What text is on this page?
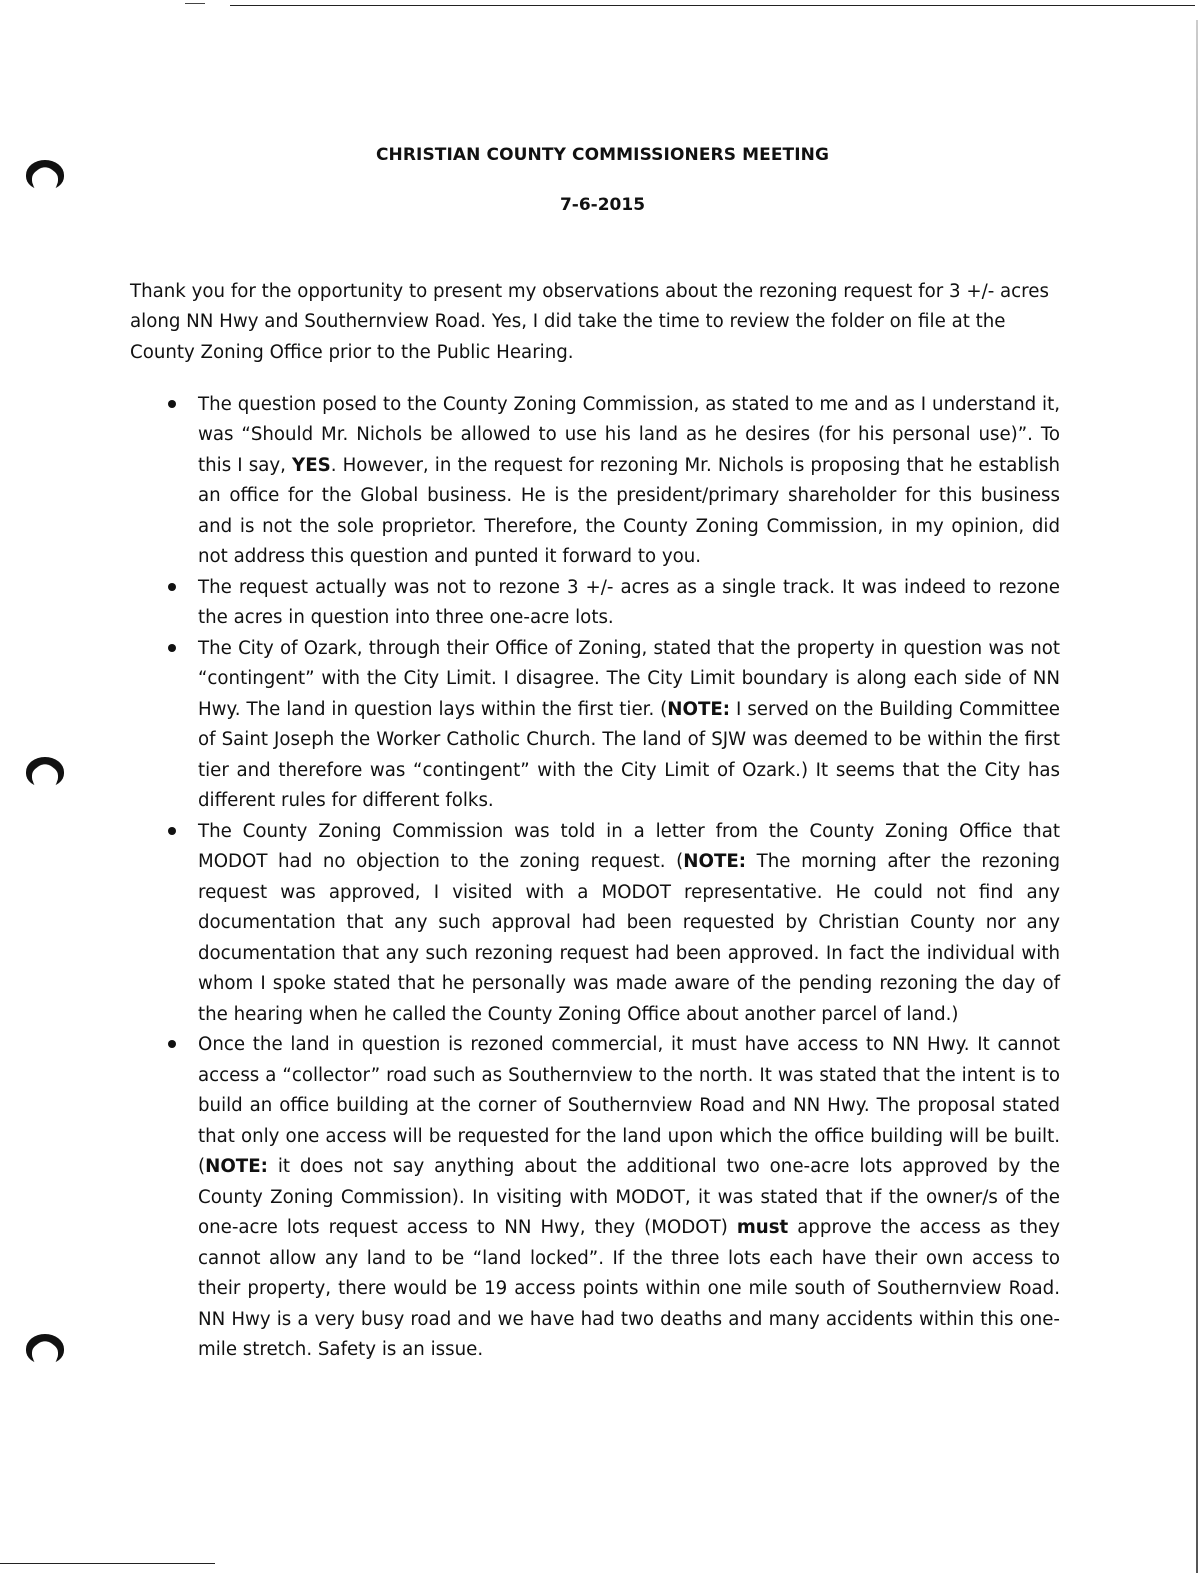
CHRISTIAN COUNTY COMMISSIONERS MEETING
7-6-2015

Thank you for the opportunity to present my observations about the rezoning request for 3 +/- acres along NN Hwy and Southernview Road. Yes, I did take the time to review the folder on file at the County Zoning Office prior to the Public Hearing.

The question posed to the County Zoning Commission, as stated to me and as I understand it, was “Should Mr. Nichols be allowed to use his land as he desires (for his personal use)”. To this I say, YES. However, in the request for rezoning Mr. Nichols is proposing that he establish an office for the Global business. He is the president/primary shareholder for this business and is not the sole proprietor. Therefore, the County Zoning Commission, in my opinion, did not address this question and punted it forward to you.
The request actually was not to rezone 3 +/- acres as a single track. It was indeed to rezone the acres in question into three one-acre lots.
The City of Ozark, through their Office of Zoning, stated that the property in question was not “contingent” with the City Limit. I disagree. The City Limit boundary is along each side of NN Hwy. The land in question lays within the first tier. (NOTE: I served on the Building Committee of Saint Joseph the Worker Catholic Church. The land of SJW was deemed to be within the first tier and therefore was “contingent” with the City Limit of Ozark.) It seems that the City has different rules for different folks.
The County Zoning Commission was told in a letter from the County Zoning Office that MODOT had no objection to the zoning request. (NOTE: The morning after the rezoning request was approved, I visited with a MODOT representative. He could not find any documentation that any such approval had been requested by Christian County nor any documentation that any such rezoning request had been approved. In fact the individual with whom I spoke stated that he personally was made aware of the pending rezoning the day of the hearing when he called the County Zoning Office about another parcel of land.)
Once the land in question is rezoned commercial, it must have access to NN Hwy. It cannot access a “collector” road such as Southernview to the north. It was stated that the intent is to build an office building at the corner of Southernview Road and NN Hwy. The proposal stated that only one access will be requested for the land upon which the office building will be built. (NOTE: it does not say anything about the additional two one-acre lots approved by the County Zoning Commission). In visiting with MODOT, it was stated that if the owner/s of the one-acre lots request access to NN Hwy, they (MODOT) must approve the access as they cannot allow any land to be “land locked”. If the three lots each have their own access to their property, there would be 19 access points within one mile south of Southernview Road. NN Hwy is a very busy road and we have had two deaths and many accidents within this one-mile stretch. Safety is an issue.
